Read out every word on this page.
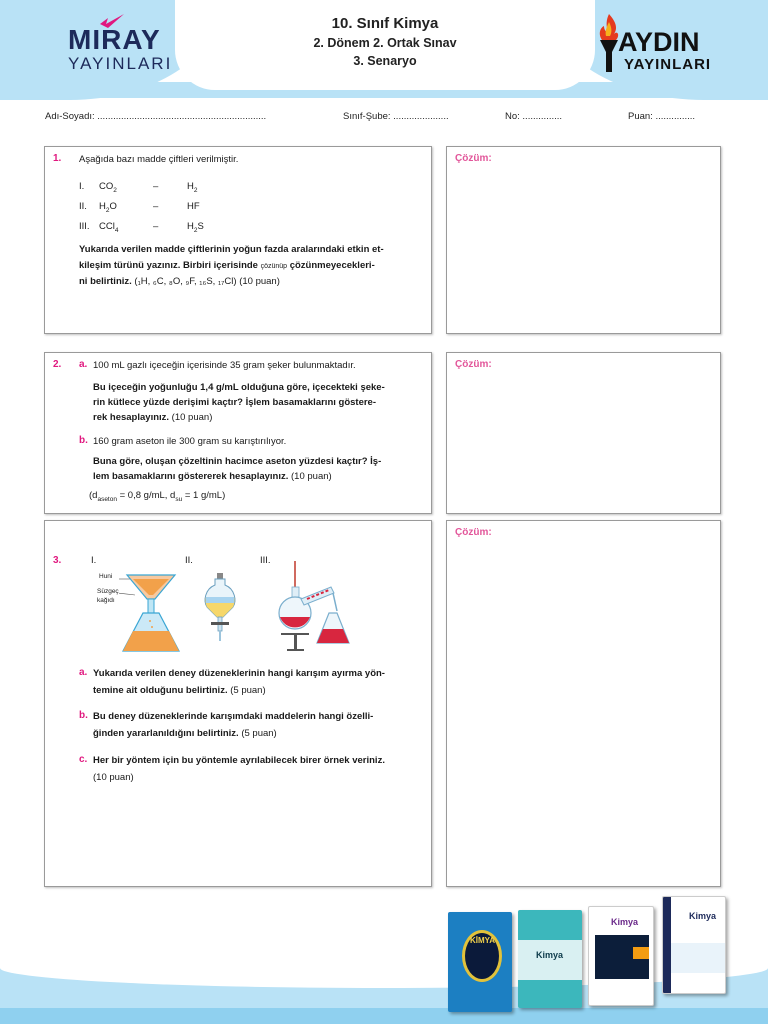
MIRAY
YAYINLARI
10. Sınıf Kimya
2. Dönem 2. Ortak Sınav
3. Senaryo
AYDIN
YAYINLARI
Adı-Soyadı: ................................................................	Sınıf-Şube: .....................	No: ...............	Puan: ...............
1. Aşağıda bazı madde çiftleri verilmiştir.
I. $CO_2$	–	$H_2$
II. $H_2O$	–	HF
III. CCl$_4$	–	$H_2S$
Yukarıda verilen madde çiftlerinin yoğun fazda aralarındaki etkin et-
kileşim türünü yazınız. Birbiri içerisinde çözünüp çözünmeyecekleri-
ni belirtiniz. (₁H, ₆C, ₈O, ₉F, ₁₆S, ₁₇Cl) (10 puan)
Çözüm:
2. a. 100 mL gazlı içeceğin içerisinde 35 gram şeker bulunmaktadır.
Bu içeceğin yoğunluğu 1,4 g/mL olduğuna göre, içecekteki şeke-
rin kütlece yüzde derişimi kaçtır? İşlem basamaklarını göstere-
rek hesaplayınız. (10 puan)
b. 160 gram aseton ile 300 gram su karıştırılıyor.
Buna göre, oluşan çözeltinin hacimce aseton yüzdesi kaçtır? İş-
lem basamaklarını göstererek hesaplayınız. (10 puan)
($d_{aseton} = 0,8$ g/mL, $d_{su} = 1$ g/mL)
Çözüm:
3.	I.	II.	III.
Huni
Süzgeç
kağıdı
a. Yukarıda verilen deney düzeneklerinin hangi karışım ayırma yön-
temine ait olduğunu belirtiniz. (5 puan)
b. Bu deney düzeneklerinde karışımdaki maddelerin hangi özelli-
ğinden yararlanıldığını belirtiniz. (5 puan)
c. Her bir yöntem için bu yöntemle ayrılabilecek birer örnek veriniz.
(10 puan)
Çözüm:
KİMYA
Kimya
Kimya
Kimya
